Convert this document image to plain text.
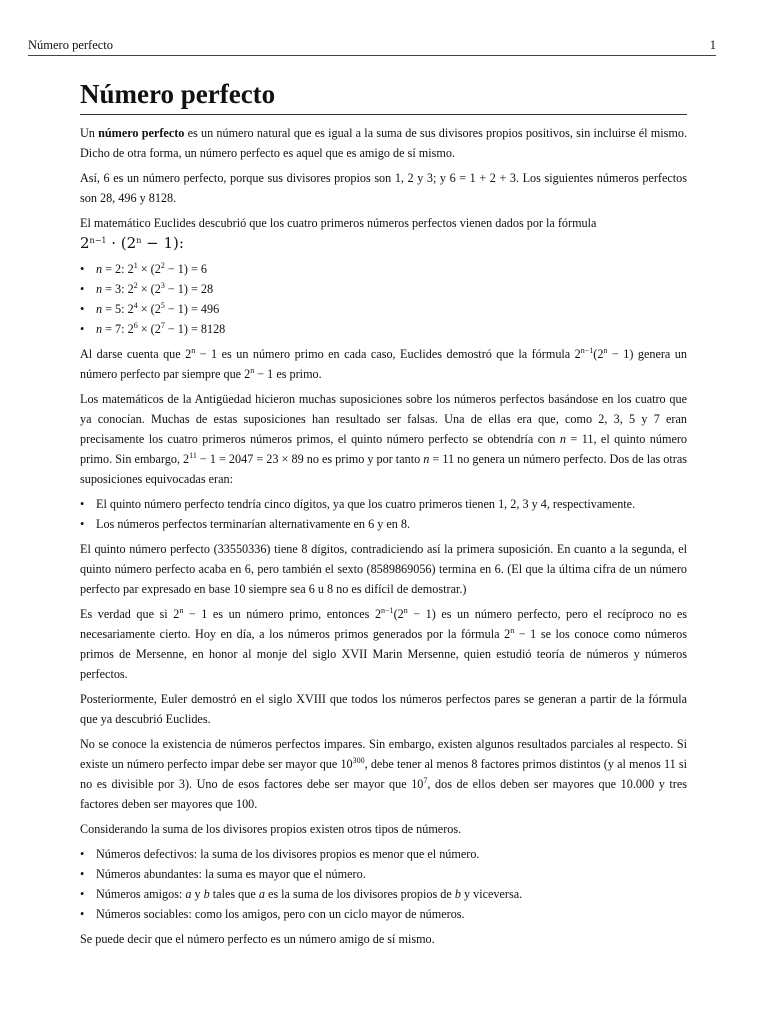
Número perfecto	1
Número perfecto

Un número perfecto es un número natural que es igual a la suma de sus divisores propios positivos, sin incluirse él mismo. Dicho de otra forma, un número perfecto es aquel que es amigo de sí mismo.

Así, 6 es un número perfecto, porque sus divisores propios son 1, 2 y 3; y 6 = 1 + 2 + 3. Los siguientes números perfectos son 28, 496 y 8128.

El matemático Euclides descubrió que los cuatro primeros números perfectos vienen dados por la fórmula
$2^{n-1} \cdot (2^n - 1)$:

• n = 2: $2^1 \times (2^2 - 1) = 6$
• n = 3: $2^2 \times (2^3 - 1) = 28$
• n = 5: $2^4 \times (2^5 - 1) = 496$
• n = 7: $2^6 \times (2^7 - 1) = 8128$

Al darse cuenta que $2^n - 1$ es un número primo en cada caso, Euclides demostró que la fórmula $2^{n-1}(2^n - 1)$ genera un número perfecto par siempre que $2^n - 1$ es primo.

Los matemáticos de la Antigüedad hicieron muchas suposiciones sobre los números perfectos basándose en los cuatro que ya conocían. Muchas de estas suposiciones han resultado ser falsas. Una de ellas era que, como 2, 3, 5 y 7 eran precisamente los cuatro primeros números primos, el quinto número perfecto se obtendría con n = 11, el quinto número primo. Sin embargo, $2^{11} - 1 = 2047 = 23 \times 89$ no es primo y por tanto n = 11 no genera un número perfecto. Dos de las otras suposiciones equivocadas eran:

• El quinto número perfecto tendría cinco dígitos, ya que los cuatro primeros tienen 1, 2, 3 y 4, respectivamente.
• Los números perfectos terminarían alternativamente en 6 y en 8.

El quinto número perfecto (33550336) tiene 8 dígitos, contradiciendo así la primera suposición. En cuanto a la segunda, el quinto número perfecto acaba en 6, pero también el sexto (8589869056) termina en 6. (El que la última cifra de un número perfecto par expresado en base 10 siempre sea 6 u 8 no es difícil de demostrar.)

Es verdad que si $2^n - 1$ es un número primo, entonces $2^{n-1}(2^n - 1)$ es un número perfecto, pero el recíproco no es necesariamente cierto. Hoy en día, a los números primos generados por la fórmula $2^n - 1$ se los conoce como números primos de Mersenne, en honor al monje del siglo XVII Marin Mersenne, quien estudió teoría de números y números perfectos.

Posteriormente, Euler demostró en el siglo XVIII que todos los números perfectos pares se generan a partir de la fórmula que ya descubrió Euclides.

No se conoce la existencia de números perfectos impares. Sin embargo, existen algunos resultados parciales al respecto. Si existe un número perfecto impar debe ser mayor que $10^{300}$, debe tener al menos 8 factores primos distintos (y al menos 11 si no es divisible por 3). Uno de esos factores debe ser mayor que $10^7$, dos de ellos deben ser mayores que 10.000 y tres factores deben ser mayores que 100.

Considerando la suma de los divisores propios existen otros tipos de números.

• Números defectivos: la suma de los divisores propios es menor que el número.
• Números abundantes: la suma es mayor que el número.
• Números amigos: a y b tales que a es la suma de los divisores propios de b y viceversa.
• Números sociables: como los amigos, pero con un ciclo mayor de números.

Se puede decir que el número perfecto es un número amigo de sí mismo.
